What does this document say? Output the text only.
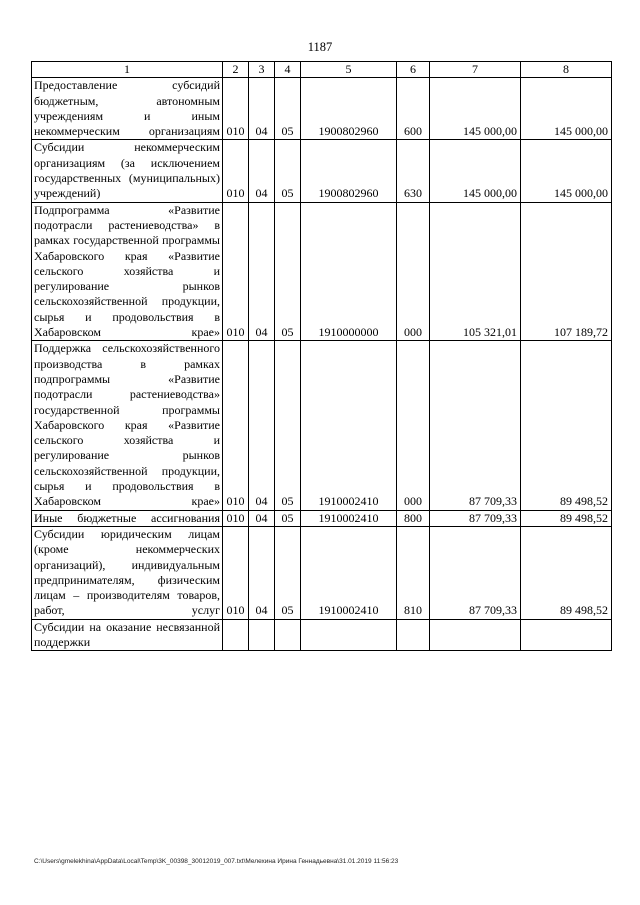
1187
1	2	3	4	5	6	7	8
Предоставление субсидий бюджетным, автономным учреждениям и иным некоммерческим организациям	010	04	05	1900802960	600	145 000,00	145 000,00
Субсидии некоммерческим организациям (за исключением государственных (муниципальных) учреждений)	010	04	05	1900802960	630	145 000,00	145 000,00
Подпрограмма «Развитие подотрасли растениеводства» в рамках государственной программы Хабаровского края «Развитие сельского хозяйства и регулирование рынков сельскохозяйственной продукции, сырья и продовольствия в Хабаровском крае»	010	04	05	1910000000	000	105 321,01	107 189,72
Поддержка сельскохозяйственного производства в рамках подпрограммы «Развитие подотрасли растениеводства» государственной программы Хабаровского края «Развитие сельского хозяйства и регулирование рынков сельскохозяйственной продукции, сырья и продовольствия в Хабаровском крае»	010	04	05	1910002410	000	87 709,33	89 498,52
Иные бюджетные ассигнования	010	04	05	1910002410	800	87 709,33	89 498,52
Субсидии юридическим лицам (кроме некоммерческих организаций), индивидуальным предпринимателям, физическим лицам – производителям товаров, работ, услуг	010	04	05	1910002410	810	87 709,33	89 498,52
Субсидии на оказание несвязанной поддержки							
C:\Users\gmelekhina\AppData\Local\Temp\3K_00398_30012019_007.txt\Мелехина Ирина Геннадьевна\31.01.2019 11:56:23
